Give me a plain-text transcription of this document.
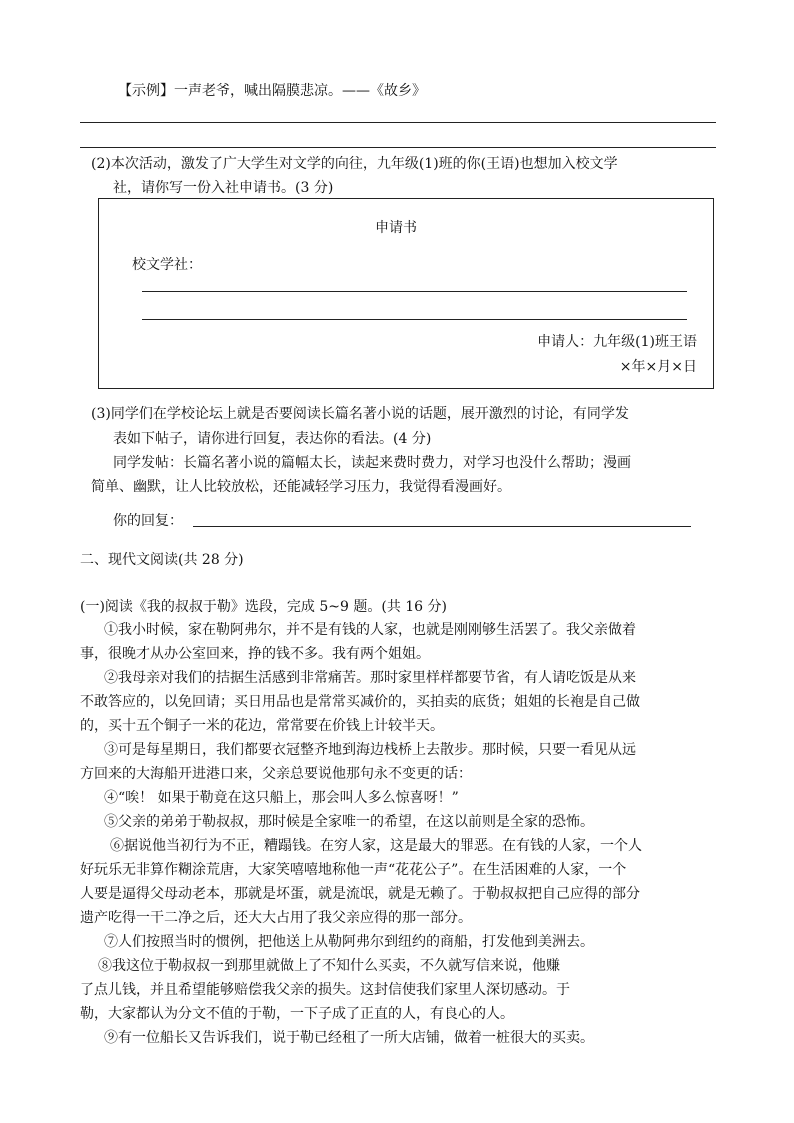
【示例】一声老爷，喊出隔膜悲凉。——《故乡》
(2)本次活动，激发了广大学生对文学的向往，九年级(1)班的你(王语)也想加入校文学
社，请你写一份入社申请书。(3 分)
申请书
校文学社：
申请人：九年级(1)班王语
×年×月×日
(3)同学们在学校论坛上就是否要阅读长篇名著小说的话题，展开激烈的讨论，有同学发
表如下帖子，请你进行回复，表达你的看法。(4 分)
同学发帖：长篇名著小说的篇幅太长，读起来费时费力，对学习也没什么帮助；漫画
简单、幽默，让人比较放松，还能减轻学习压力，我觉得看漫画好。
你的回复：
二、现代文阅读(共 28 分)
(一)阅读《我的叔叔于勒》选段，完成 5~9 题。(共 16 分)
①我小时候，家在勒阿弗尔，并不是有钱的人家，也就是刚刚够生活罢了。我父亲做着
事，很晚才从办公室回来，挣的钱不多。我有两个姐姐。
②我母亲对我们的拮据生活感到非常痛苦。那时家里样样都要节省，有人请吃饭是从来
不敢答应的，以免回请；买日用品也是常常买减价的，买拍卖的底货；姐姐的长袍是自己做
的，买十五个铜子一米的花边，常常要在价钱上计较半天。
③可是每星期日，我们都要衣冠整齐地到海边栈桥上去散步。那时候，只要一看见从远
方回来的大海船开进港口来，父亲总要说他那句永不变更的话：
④“唉！ 如果于勒竟在这只船上，那会叫人多么惊喜呀！”
⑤父亲的弟弟于勒叔叔，那时候是全家唯一的希望，在这以前则是全家的恐怖。
⑥据说他当初行为不正，糟蹋钱。在穷人家，这是最大的罪恶。在有钱的人家，一个人
好玩乐无非算作糊涂荒唐，大家笑嘻嘻地称他一声“花花公子”。在生活困难的人家，一个
人要是逼得父母动老本，那就是坏蛋，就是流氓，就是无赖了。于勒叔叔把自己应得的部分
遗产吃得一干二净之后，还大大占用了我父亲应得的那一部分。
⑦人们按照当时的惯例，把他送上从勒阿弗尔到纽约的商船，打发他到美洲去。
⑧我这位于勒叔叔一到那里就做上了不知什么买卖，不久就写信来说，他赚
了点儿钱，并且希望能够赔偿我父亲的损失。这封信使我们家里人深切感动。于
勒，大家都认为分文不值的于勒，一下子成了正直的人，有良心的人。
⑨有一位船长又告诉我们，说于勒已经租了一所大店铺，做着一桩很大的买卖。
